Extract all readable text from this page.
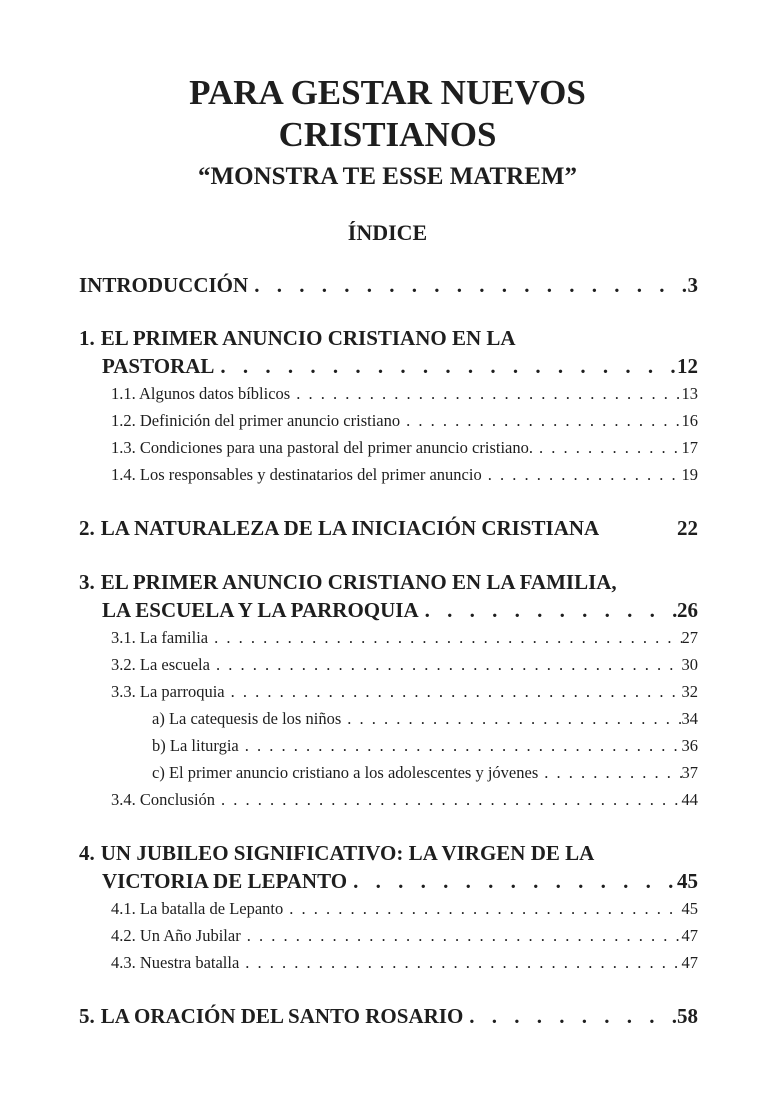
PARA GESTAR NUEVOS
CRISTIANOS

“MONSTRA TE ESSE MATREM”

ÍNDICE

INTRODUCCIÓN . . .	3
1. EL PRIMER ANUNCIO CRISTIANO EN LA
PASTORAL . . .	12
1.1. Algunos datos bíblicos . . .	13
1.2. Definición del primer anuncio cristiano . . .	16
1.3. Condiciones para una pastoral del primer anuncio cristiano. . . .	17
1.4. Los responsables y destinatarios del primer anuncio . . .	19
2. LA NATURALEZA DE LA INICIACIÓN CRISTIANA	22
3. EL PRIMER ANUNCIO CRISTIANO EN LA FAMILIA,
LA ESCUELA Y LA PARROQUIA . . .	26
3.1. La familia . . .	27
3.2. La escuela . . .	30
3.3. La parroquia . . .	32
a) La catequesis de los niños . . .	34
b) La liturgia . . .	36
c) El primer anuncio cristiano a los adolescentes y jóvenes . . .	37
3.4. Conclusión . . .	44
4. UN JUBILEO SIGNIFICATIVO: LA VIRGEN DE LA
VICTORIA DE LEPANTO . . .	45
4.1. La batalla de Lepanto . . .	45
4.2. Un Año Jubilar . . .	47
4.3. Nuestra batalla . . .	47
5. LA ORACIÓN DEL SANTO ROSARIO . . .	58
